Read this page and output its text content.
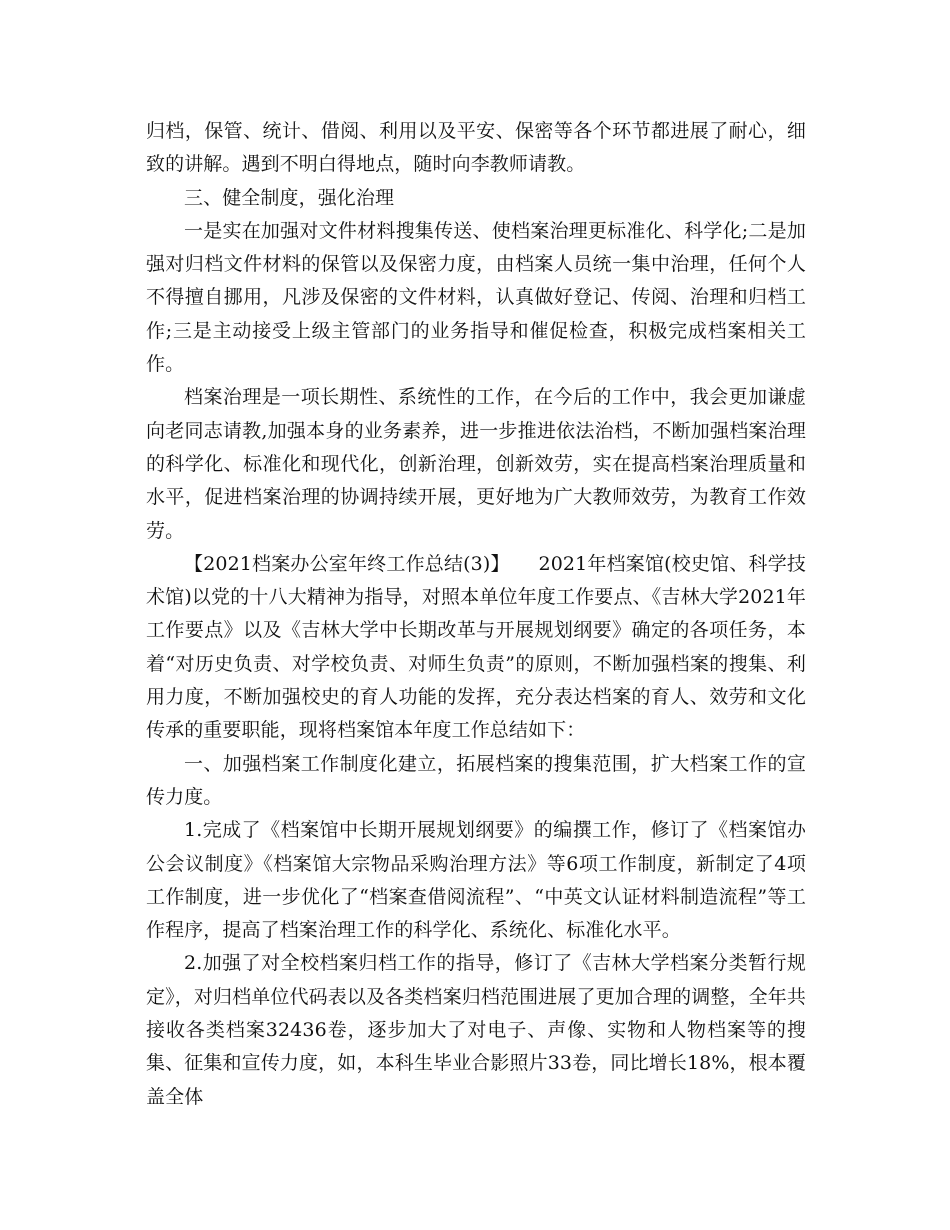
归档，保管、统计、借阅、利用以及平安、保密等各个环节都进展了耐心，细致的讲解。遇到不明白得地点，随时向李教师请教。

三、健全制度，强化治理

一是实在加强对文件材料搜集传送、使档案治理更标准化、科学化;二是加强对归档文件材料的保管以及保密力度，由档案人员统一集中治理，任何个人不得擅自挪用，凡涉及保密的文件材料，认真做好登记、传阅、治理和归档工作;三是主动接受上级主管部门的业务指导和催促检查，积极完成档案相关工作。

档案治理是一项长期性、系统性的工作，在今后的工作中，我会更加谦虚向老同志请教,加强本身的业务素养，进一步推进依法治档，不断加强档案治理的科学化、标准化和现代化，创新治理，创新效劳，实在提高档案治理质量和水平，促进档案治理的协调持续开展，更好地为广大教师效劳，为教育工作效劳。

【2021档案办公室年终工作总结(3)】　　2021年档案馆(校史馆、科学技术馆)以党的十八大精神为指导，对照本单位年度工作要点、《吉林大学2021年工作要点》以及《吉林大学中长期改革与开展规划纲要》确定的各项任务，本着“对历史负责、对学校负责、对师生负责”的原则，不断加强档案的搜集、利用力度，不断加强校史的育人功能的发挥，充分表达档案的育人、效劳和文化传承的重要职能，现将档案馆本年度工作总结如下：

一、加强档案工作制度化建立，拓展档案的搜集范围，扩大档案工作的宣传力度。

1.完成了《档案馆中长期开展规划纲要》的编撰工作，修订了《档案馆办公会议制度》《档案馆大宗物品采购治理方法》等6项工作制度，新制定了4项工作制度，进一步优化了“档案查借阅流程”、“中英文认证材料制造流程”等工作程序，提高了档案治理工作的科学化、系统化、标准化水平。

2.加强了对全校档案归档工作的指导，修订了《吉林大学档案分类暂行规定》，对归档单位代码表以及各类档案归档范围进展了更加合理的调整，全年共接收各类档案32436卷，逐步加大了对电子、声像、实物和人物档案等的搜集、征集和宣传力度，如，本科生毕业合影照片33卷，同比增长18%，根本覆盖全体
